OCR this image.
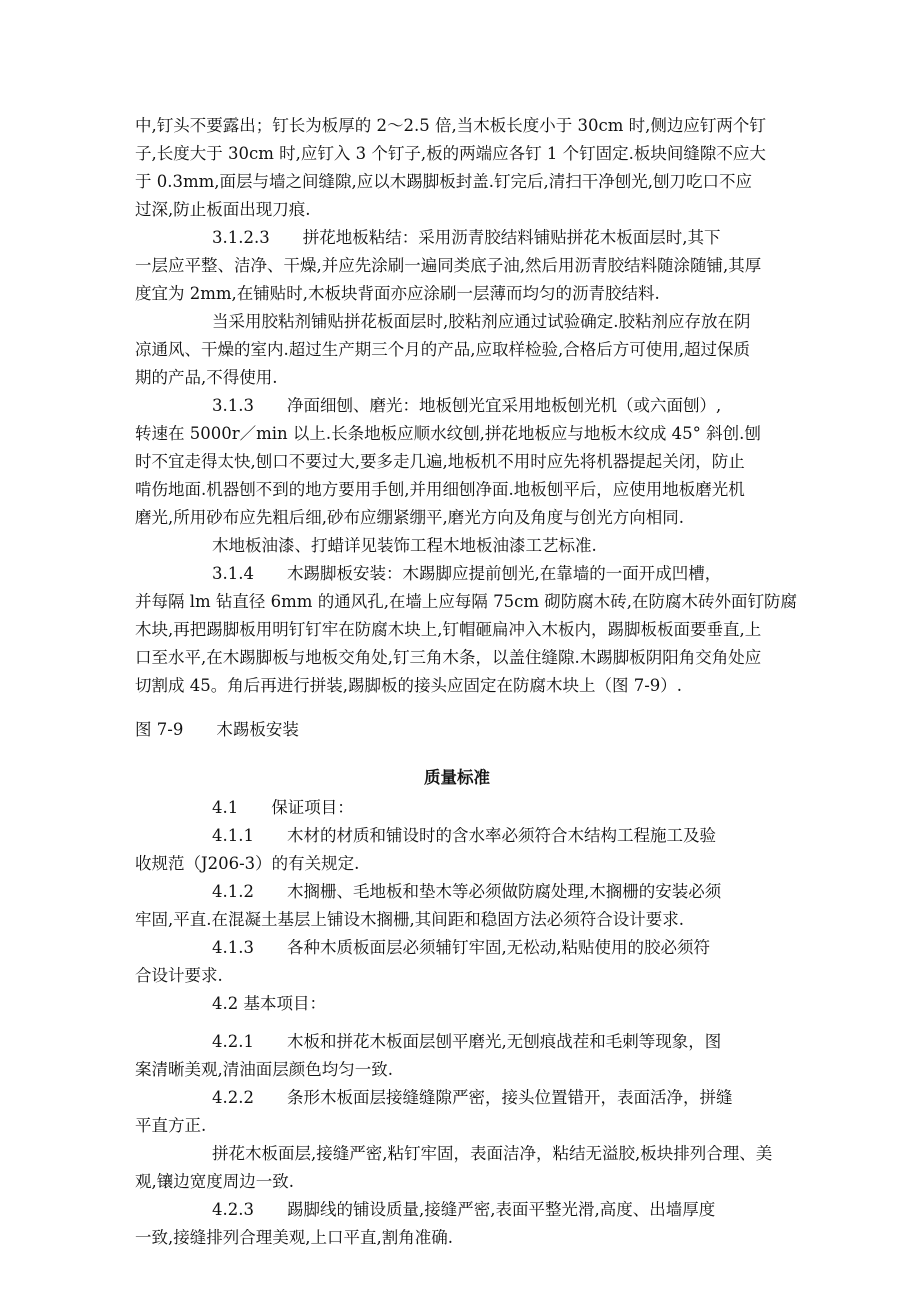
中,钉头不要露出；钉长为板厚的 2～2.5 倍,当木板长度小于 30cm 时,侧边应钉两个钉
子,长度大于 30cm 时,应钉入 3 个钉子,板的两端应各钉 1 个钉固定.板块间缝隙不应大
于 0.3mm,面层与墙之间缝隙,应以木踢脚板封盖.钉完后,清扫干净刨光,刨刀吃口不应
过深,防止板面出现刀痕.
3.1.2.3　　拼花地板粘结：采用沥青胶结料铺贴拼花木板面层时,其下
一层应平整、洁净、干燥,并应先涂刷一遍同类底子油,然后用沥青胶结料随涂随铺,其厚
度宜为 2mm,在铺贴时,木板块背面亦应涂刷一层薄而均匀的沥青胶结料.
当采用胶粘剂铺贴拼花板面层时,胶粘剂应通过试验确定.胶粘剂应存放在阴
凉通风、干燥的室内.超过生产期三个月的产品,应取样检验,合格后方可使用,超过保质
期的产品,不得使用.
3.1.3　　净面细刨、磨光：地板刨光宜采用地板刨光机（或六面刨）,
转速在 5000r／min 以上.长条地板应顺水纹刨,拼花地板应与地板木纹成 45° 斜创.刨
时不宜走得太快,刨口不要过大,要多走几遍,地板机不用时应先将机器提起关闭，防止
啃伤地面.机器刨不到的地方要用手刨,并用细刨净面.地板刨平后，应使用地板磨光机
磨光,所用砂布应先粗后细,砂布应绷紧绷平,磨光方向及角度与创光方向相同.
木地板油漆、打蜡详见装饰工程木地板油漆工艺标准.
3.1.4　　木踢脚板安装：木踢脚应提前刨光,在靠墙的一面开成凹槽，
并每隔 lm 钻直径 6mm 的通风孔,在墙上应每隔 75cm 砌防腐木砖,在防腐木砖外面钉防腐
木块,再把踢脚板用明钉钉牢在防腐木块上,钉帽砸扁冲入木板内，踢脚板板面要垂直,上
口至水平,在木踢脚板与地板交角处,钉三角木条，以盖住缝隙.木踢脚板阴阳角交角处应
切割成 45。角后再进行拼装,踢脚板的接头应固定在防腐木块上（图 7-9）.
图 7-9　　木踢板安装
质量标准
4.1　　保证项目：
4.1.1　　木材的材质和铺设时的含水率必须符合木结构工程施工及验
收规范（J206-3）的有关规定.
4.1.2　　木搁栅、毛地板和垫木等必须做防腐处理,木搁栅的安装必须
牢固,平直.在混凝土基层上铺设木搁栅,其间距和稳固方法必须符合设计要求.
4.1.3　　各种木质板面层必须辅钉牢固,无松动,粘贴使用的胶必须符
合设计要求.
4.2 基本项目：
4.2.1　　木板和拼花木板面层刨平磨光,无刨痕战茬和毛刺等现象，图
案清晰美观,清油面层颜色均匀一致.
4.2.2　　条形木板面层接缝缝隙严密，接头位置错开，表面活净，拼缝
平直方正.
拼花木板面层,接缝严密,粘钉牢固，表面洁净，粘结无溢胶,板块排列合理、美
观,镶边宽度周边一致.
4.2.3　　踢脚线的铺设质量,接缝严密,表面平整光滑,高度、出墙厚度
一致,接缝排列合理美观,上口平直,割角准确.
